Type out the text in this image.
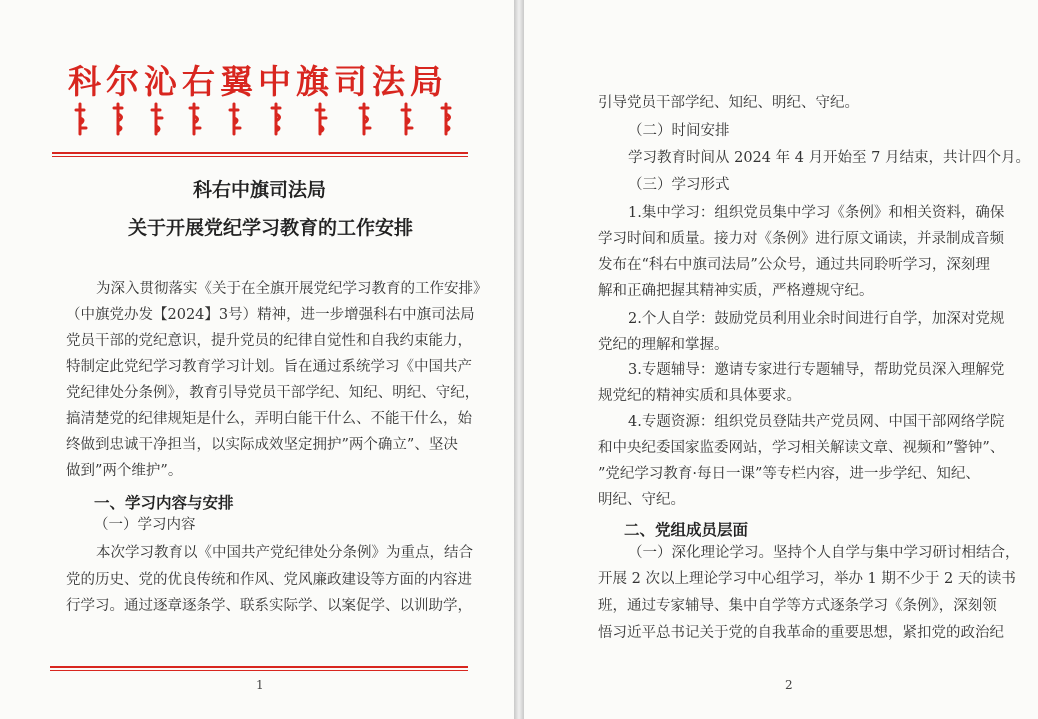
科尔沁右翼中旗司法局
科右中旗司法局
关于开展党纪学习教育的工作安排
为深入贯彻落实《关于在全旗开展党纪学习教育的工作安排》
（中旗党办发【2024】3号）精神，进一步增强科右中旗司法局
党员干部的党纪意识，提升党员的纪律自觉性和自我约束能力，
特制定此党纪学习教育学习计划。旨在通过系统学习《中国共产
党纪律处分条例》，教育引导党员干部学纪、知纪、明纪、守纪，
搞清楚党的纪律规矩是什么，弄明白能干什么、不能干什么，始
终做到忠诚干净担当，以实际成效坚定拥护”两个确立”、坚决
做到”两个维护”。
一、学习内容与安排
（一）学习内容
本次学习教育以《中国共产党纪律处分条例》为重点，结合
党的历史、党的优良传统和作风、党风廉政建设等方面的内容进
行学习。通过逐章逐条学、联系实际学、以案促学、以训助学，
1
引导党员干部学纪、知纪、明纪、守纪。
（二）时间安排
学习教育时间从 2024 年 4 月开始至 7 月结束，共计四个月。
（三）学习形式
1.集中学习：组织党员集中学习《条例》和相关资料，确保
学习时间和质量。接力对《条例》进行原文诵读，并录制成音频
发布在“科右中旗司法局”公众号，通过共同聆听学习，深刻理
解和正确把握其精神实质，严格遵规守纪。
2.个人自学：鼓励党员利用业余时间进行自学，加深对党规
党纪的理解和掌握。
3.专题辅导：邀请专家进行专题辅导，帮助党员深入理解党
规党纪的精神实质和具体要求。
4.专题资源：组织党员登陆共产党员网、中国干部网络学院
和中央纪委国家监委网站，学习相关解读文章、视频和”警钟”、
”党纪学习教育·每日一课”等专栏内容，进一步学纪、知纪、
明纪、守纪。
二、党组成员层面
（一）深化理论学习。坚持个人自学与集中学习研讨相结合，
开展 2 次以上理论学习中心组学习，举办 1 期不少于 2 天的读书
班，通过专家辅导、集中自学等方式逐条学习《条例》，深刻领
悟习近平总书记关于党的自我革命的重要思想，紧扣党的政治纪
2
